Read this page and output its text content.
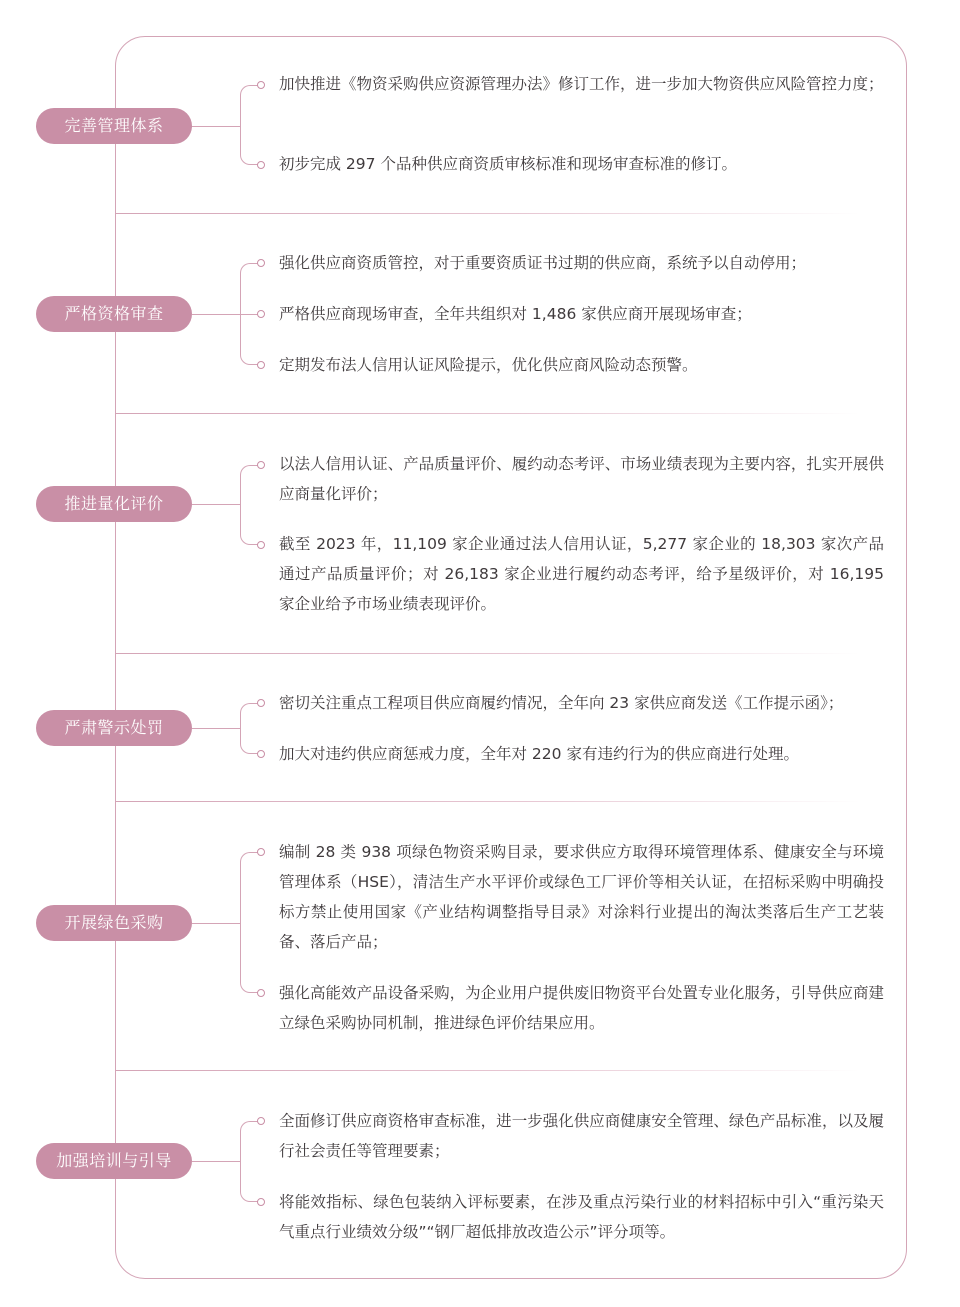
完善管理体系
加快推进《物资采购供应资源管理办法》修订工作，进一步加大物资供应风险管控力度；
初步完成 297 个品种供应商资质审核标准和现场审查标准的修订。
严格资格审查
强化供应商资质管控，对于重要资质证书过期的供应商，系统予以自动停用；
严格供应商现场审查，全年共组织对 1,486 家供应商开展现场审查；
定期发布法人信用认证风险提示，优化供应商风险动态预警。
推进量化评价
以法人信用认证、产品质量评价、履约动态考评、市场业绩表现为主要内容，扎实开展供应商量化评价；
截至 2023 年，11,109 家企业通过法人信用认证，5,277 家企业的 18,303 家次产品通过产品质量评价；对 26,183 家企业进行履约动态考评，给予星级评价，对 16,195 家企业给予市场业绩表现评价。
严肃警示处罚
密切关注重点工程项目供应商履约情况，全年向 23 家供应商发送《工作提示函》；
加大对违约供应商惩戒力度，全年对 220 家有违约行为的供应商进行处理。
开展绿色采购
编制 28 类 938 项绿色物资采购目录，要求供应方取得环境管理体系、健康安全与环境管理体系（HSE），清洁生产水平评价或绿色工厂评价等相关认证，在招标采购中明确投标方禁止使用国家《产业结构调整指导目录》对涂料行业提出的淘汰类落后生产工艺装备、落后产品；
强化高能效产品设备采购，为企业用户提供废旧物资平台处置专业化服务，引导供应商建立绿色采购协同机制，推进绿色评价结果应用。
加强培训与引导
全面修订供应商资格审查标准，进一步强化供应商健康安全管理、绿色产品标准，以及履行社会责任等管理要素；
将能效指标、绿色包装纳入评标要素，在涉及重点污染行业的材料招标中引入“重污染天气重点行业绩效分级”“钢厂超低排放改造公示”评分项等。
